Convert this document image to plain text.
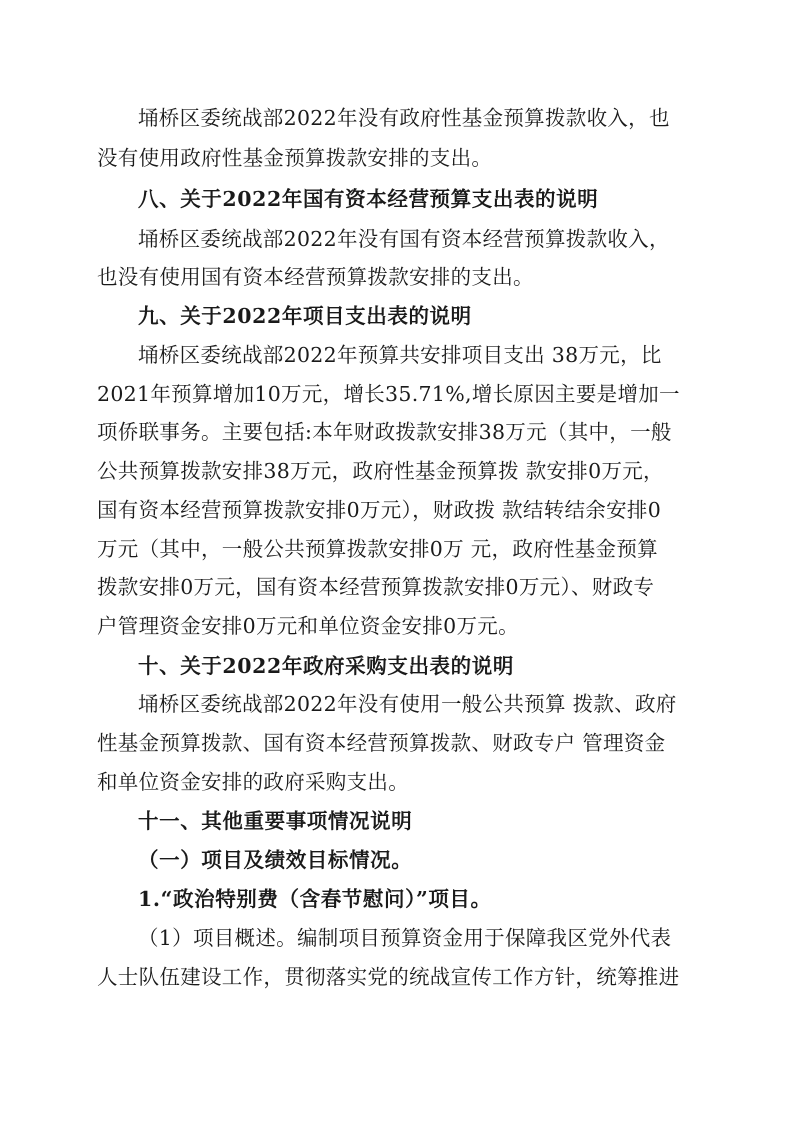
埇桥区委统战部2022年没有政府性基金预算拨款收入，也
没有使用政府性基金预算拨款安排的支出。
八、关于2022年国有资本经营预算支出表的说明
埇桥区委统战部2022年没有国有资本经营预算拨款收入，
也没有使用国有资本经营预算拨款安排的支出。
九、关于2022年项目支出表的说明
埇桥区委统战部2022年预算共安排项目支出 38万元，比
2021年预算增加10万元，增长35.71%,增长原因主要是增加一
项侨联事务。主要包括:本年财政拨款安排38万元（其中，一般
公共预算拨款安排38万元，政府性基金预算拨 款安排0万元，
国有资本经营预算拨款安排0万元），财政拨 款结转结余安排0
万元（其中，一般公共预算拨款安排0万 元，政府性基金预算
拨款安排0万元，国有资本经营预算拨款安排0万元）、财政专
户管理资金安排0万元和单位资金安排0万元。
十、关于2022年政府采购支出表的说明
埇桥区委统战部2022年没有使用一般公共预算 拨款、政府
性基金预算拨款、国有资本经营预算拨款、财政专户 管理资金
和单位资金安排的政府采购支出。
十一、其他重要事项情况说明
（一）项目及绩效目标情况。
1.“政治特别费（含春节慰问）”项目。
（1）项目概述。编制项目预算资金用于保障我区党外代表
人士队伍建设工作，贯彻落实党的统战宣传工作方针，统筹推进
